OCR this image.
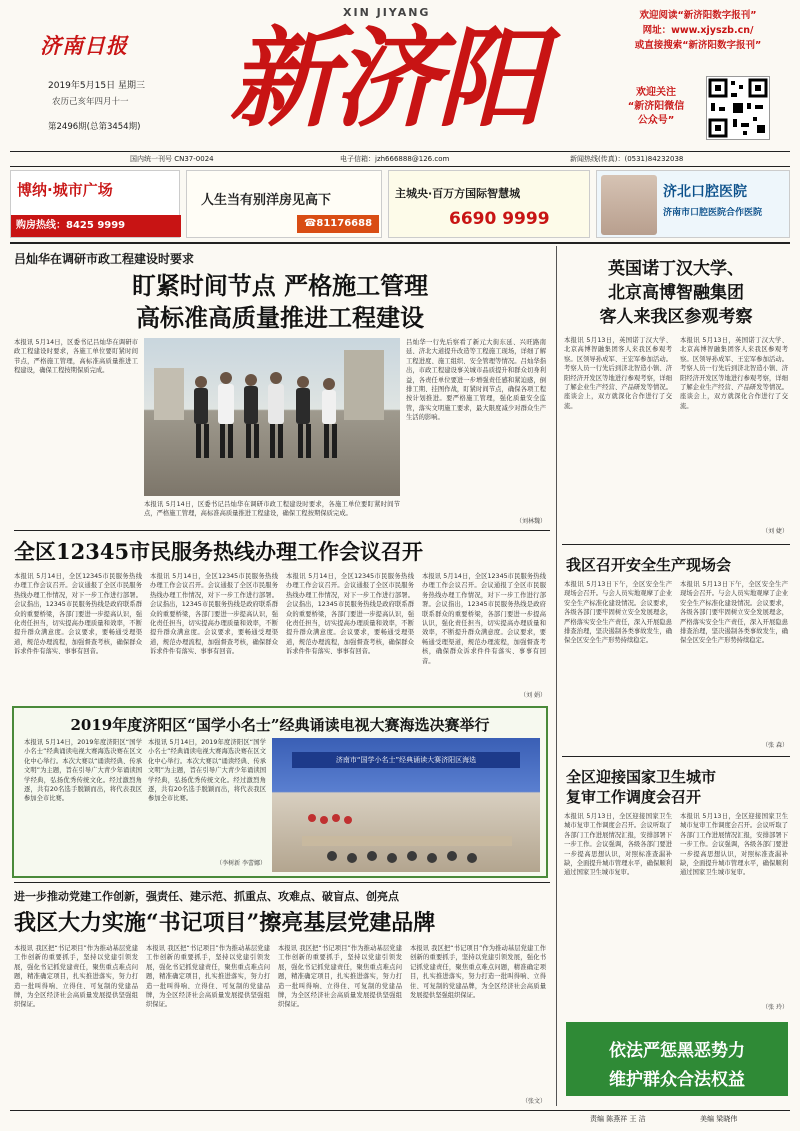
济南日报
2019年5月15日 星期三
农历己亥年四月十一
第2496期(总第3454期)
XIN JIYANG
新济阳
欢迎阅读“新济阳数字报刊”
网址：www.xjyszb.cn/
或直接搜索“新济阳数字报刊”
欢迎关注
“新济阳微信
公众号”
国内统一刊号 CN37-0024	电子信箱：jzh666888@126.com	新闻热线(传真)：(0531)84232038
博纳·城市广场
购房热线：8425 9999
人生当有别洋房见高下
☎81176688
主城央·百万方国际智慧城
6690 9999
济北口腔医院
济南市口腔医院合作医院
吕灿华在调研市政工程建设时要求
盯紧时间节点 严格施工管理
高标准高质量推进工程建设
本报讯 5月14日，区委书记吕灿华在调研市政工程建设时要求，各施工单位要盯紧时间节点，严格施工管理，高标准高质量推进工程建设，确保工程按期保质完成。
吕灿华一行先后察看了新元大街东延、兴旺路南延、济北大道提升改造等工程施工现场，详细了解工程进度、施工组织、安全管理等情况。吕灿华指出，市政工程建设事关城市品质提升和群众切身利益，各责任单位要进一步增强责任感和紧迫感，倒排工期、挂图作战，盯紧时间节点，确保各项工程按计划推进。要严格施工管理，强化质量安全监管，落实文明施工要求，最大限度减少对群众生产生活的影响。
本报讯 5月14日，区委书记吕灿华在调研市政工程建设时要求，各施工单位要盯紧时间节点，严格施工管理，高标准高质量推进工程建设，确保工程按期保质完成。
（刘林魏）
全区12345市民服务热线办理工作会议召开
本报讯 5月14日，全区12345市民服务热线办理工作会议召开。会议通报了全区市民服务热线办理工作情况，对下一步工作进行部署。会议指出，12345市民服务热线是政府联系群众的重要桥梁，各部门要进一步提高认识，强化责任担当，切实提高办理质量和效率，不断提升群众满意度。会议要求，要畅通受理渠道，规范办理流程，加强督查考核，确保群众诉求件件有落实、事事有回音。
本报讯 5月14日，全区12345市民服务热线办理工作会议召开。会议通报了全区市民服务热线办理工作情况，对下一步工作进行部署。会议指出，12345市民服务热线是政府联系群众的重要桥梁，各部门要进一步提高认识，强化责任担当，切实提高办理质量和效率，不断提升群众满意度。会议要求，要畅通受理渠道，规范办理流程，加强督查考核，确保群众诉求件件有落实、事事有回音。
本报讯 5月14日，全区12345市民服务热线办理工作会议召开。会议通报了全区市民服务热线办理工作情况，对下一步工作进行部署。会议指出，12345市民服务热线是政府联系群众的重要桥梁，各部门要进一步提高认识，强化责任担当，切实提高办理质量和效率，不断提升群众满意度。会议要求，要畅通受理渠道，规范办理流程，加强督查考核，确保群众诉求件件有落实、事事有回音。
本报讯 5月14日，全区12345市民服务热线办理工作会议召开。会议通报了全区市民服务热线办理工作情况，对下一步工作进行部署。会议指出，12345市民服务热线是政府联系群众的重要桥梁，各部门要进一步提高认识，强化责任担当，切实提高办理质量和效率，不断提升群众满意度。会议要求，要畅通受理渠道，规范办理流程，加强督查考核，确保群众诉求件件有落实、事事有回音。
（刘 娟）
2019年度济阳区“国学小名士”经典诵读电视大赛海选决赛举行
本报讯 5月14日，2019年度济阳区“国学小名士”经典诵读电视大赛海选决赛在区文化中心举行。本次大赛以“诵读经典、传承文明”为主题，旨在引导广大青少年诵读国学经典，弘扬优秀传统文化。经过激烈角逐，共有20名选手脱颖而出，将代表我区参加全市比赛。
本报讯 5月14日，2019年度济阳区“国学小名士”经典诵读电视大赛海选决赛在区文化中心举行。本次大赛以“诵读经典、传承文明”为主题，旨在引导广大青少年诵读国学经典，弘扬优秀传统文化。经过激烈角逐，共有20名选手脱颖而出，将代表我区参加全市比赛。
（李树新 李蕾娜）
济南市“国学小名士”经典诵读大赛济阳区海选
进一步推动党建工作创新，强责任、建示范、抓重点、攻难点、破盲点、创亮点
我区大力实施“书记项目”擦亮基层党建品牌
本报讯 我区把“书记项目”作为推动基层党建工作创新的重要抓手，坚持以党建引领发展，强化书记抓党建责任，聚焦重点难点问题，精准确定项目，扎实推进落实，努力打造一批叫得响、立得住、可复制的党建品牌，为全区经济社会高质量发展提供坚强组织保证。
本报讯 我区把“书记项目”作为推动基层党建工作创新的重要抓手，坚持以党建引领发展，强化书记抓党建责任，聚焦重点难点问题，精准确定项目，扎实推进落实，努力打造一批叫得响、立得住、可复制的党建品牌，为全区经济社会高质量发展提供坚强组织保证。
本报讯 我区把“书记项目”作为推动基层党建工作创新的重要抓手，坚持以党建引领发展，强化书记抓党建责任，聚焦重点难点问题，精准确定项目，扎实推进落实，努力打造一批叫得响、立得住、可复制的党建品牌，为全区经济社会高质量发展提供坚强组织保证。
本报讯 我区把“书记项目”作为推动基层党建工作创新的重要抓手，坚持以党建引领发展，强化书记抓党建责任，聚焦重点难点问题，精准确定项目，扎实推进落实，努力打造一批叫得响、立得住、可复制的党建品牌，为全区经济社会高质量发展提供坚强组织保证。
（张文）
英国诺丁汉大学、
北京高博智融集团
客人来我区参观考察
本报讯 5月13日，英国诺丁汉大学、北京高博智融集团客人来我区参观考察。区领导孙成军、王宏军参加活动。考察人员一行先后到济北智造小镇、济阳经济开发区等地进行参观考察，详细了解企业生产经营、产品研发等情况。座谈会上，双方就深化合作进行了交流。
本报讯 5月13日，英国诺丁汉大学、北京高博智融集团客人来我区参观考察。区领导孙成军、王宏军参加活动。考察人员一行先后到济北智造小镇、济阳经济开发区等地进行参观考察，详细了解企业生产经营、产品研发等情况。座谈会上，双方就深化合作进行了交流。
（刘 婕）
我区召开安全生产现场会
本报讯 5月13日下午，全区安全生产现场会召开。与会人员实地观摩了企业安全生产标准化建设情况。会议要求，各级各部门要牢固树立安全发展理念，严格落实安全生产责任，深入开展隐患排查治理，坚决遏制各类事故发生，确保全区安全生产形势持续稳定。
本报讯 5月13日下午，全区安全生产现场会召开。与会人员实地观摩了企业安全生产标准化建设情况。会议要求，各级各部门要牢固树立安全发展理念，严格落实安全生产责任，深入开展隐患排查治理，坚决遏制各类事故发生，确保全区安全生产形势持续稳定。
（张 森）
全区迎接国家卫生城市
复审工作调度会召开
本报讯 5月13日，全区迎接国家卫生城市复审工作调度会召开。会议听取了各部门工作进展情况汇报，安排部署下一步工作。会议强调，各级各部门要进一步提高思想认识，对照标准查漏补缺，全面提升城市管理水平，确保顺利通过国家卫生城市复审。
本报讯 5月13日，全区迎接国家卫生城市复审工作调度会召开。会议听取了各部门工作进展情况汇报，安排部署下一步工作。会议强调，各级各部门要进一步提高思想认识，对照标准查漏补缺，全面提升城市管理水平，确保顺利通过国家卫生城市复审。
（张 玲）
依法严惩黑恶势力
维护群众合法权益
责编 陈燕祥 王 洁	美编 梁晓伟
